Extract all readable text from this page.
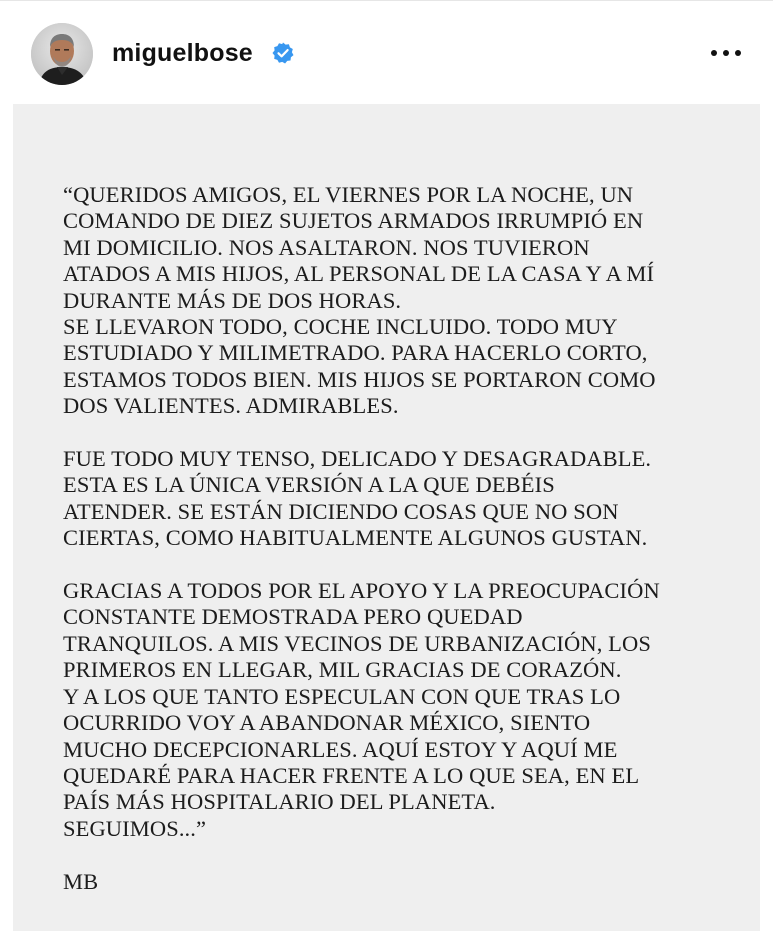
miguelbose
“QUERIDOS AMIGOS, EL VIERNES POR LA NOCHE, UN
COMANDO DE DIEZ SUJETOS ARMADOS IRRUMPIÓ EN
MI DOMICILIO. NOS ASALTARON. NOS TUVIERON
ATADOS A MIS HIJOS, AL PERSONAL DE LA CASA Y A MÍ
DURANTE MÁS DE DOS HORAS.
SE LLEVARON TODO, COCHE INCLUIDO. TODO MUY
ESTUDIADO Y MILIMETRADO. PARA HACERLO CORTO,
ESTAMOS TODOS BIEN. MIS HIJOS SE PORTARON COMO
DOS VALIENTES. ADMIRABLES.
FUE TODO MUY TENSO, DELICADO Y DESAGRADABLE.
ESTA ES LA ÚNICA VERSIÓN A LA QUE DEBÉIS
ATENDER. SE ESTÁN DICIENDO COSAS QUE NO SON
CIERTAS, COMO HABITUALMENTE ALGUNOS GUSTAN.
GRACIAS A TODOS POR EL APOYO Y LA PREOCUPACIÓN
CONSTANTE DEMOSTRADA PERO QUEDAD
TRANQUILOS. A MIS VECINOS DE URBANIZACIÓN, LOS
PRIMEROS EN LLEGAR, MIL GRACIAS DE CORAZÓN.
Y A LOS QUE TANTO ESPECULAN CON QUE TRAS LO
OCURRIDO VOY A ABANDONAR MÉXICO, SIENTO
MUCHO DECEPCIONARLES. AQUÍ ESTOY Y AQUÍ ME
QUEDARÉ PARA HACER FRENTE A LO QUE SEA, EN EL
PAÍS MÁS HOSPITALARIO DEL PLANETA.
SEGUIMOS...”
MB
